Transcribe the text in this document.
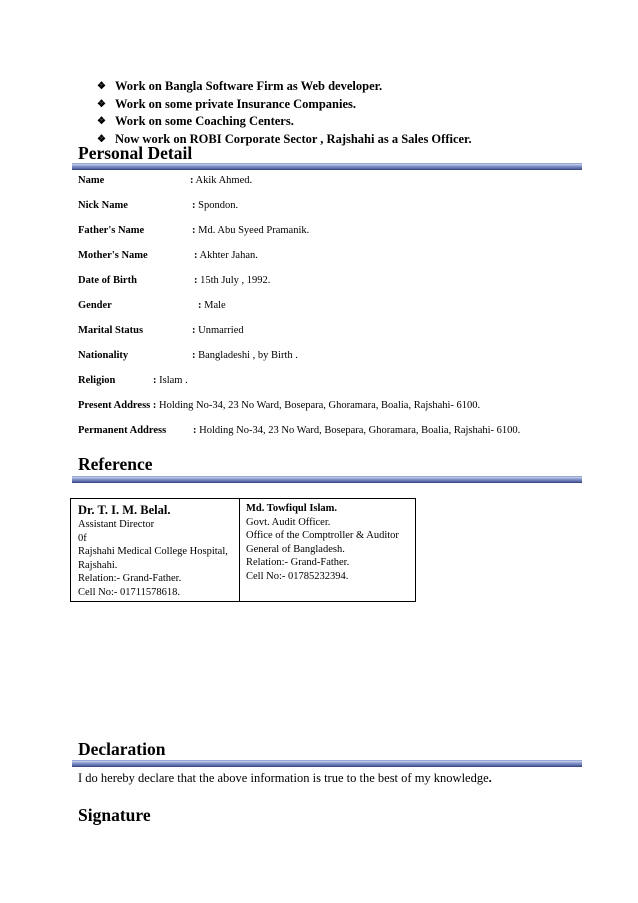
❖ Work on Bangla Software Firm as Web developer.
❖ Work on some private Insurance Companies.
❖ Work on some Coaching Centers.
❖ Now work on ROBI Corporate Sector , Rajshahi as a Sales Officer.
Personal Detail
Name	: Akik Ahmed.
Nick Name	: Spondon.
Father's Name	: Md. Abu Syeed Pramanik.
Mother's Name	: Akhter Jahan.
Date of Birth	: 15th July , 1992.
Gender	: Male
Marital Status	: Unmarried
Nationality	: Bangladeshi , by Birth .
Religion	: Islam .
Present Address : Holding No-34, 23 No Ward, Bosepara, Ghoramara, Boalia, Rajshahi- 6100.
Permanent Address	: Holding No-34, 23 No Ward, Bosepara, Ghoramara, Boalia, Rajshahi- 6100.
Reference
Dr. T. I. M. Belal.
Assistant Director
0f
Rajshahi Medical College Hospital,
Rajshahi.
Relation:- Grand-Father.
Cell No:- 01711578618.
Md. Towfiqul Islam.
Govt. Audit Officer.
Office of the Comptroller & Auditor
General of Bangladesh.
Relation:- Grand-Father.
Cell No:- 01785232394.
Declaration
I do hereby declare that the above information is true to the best of my knowledge.
Signature
